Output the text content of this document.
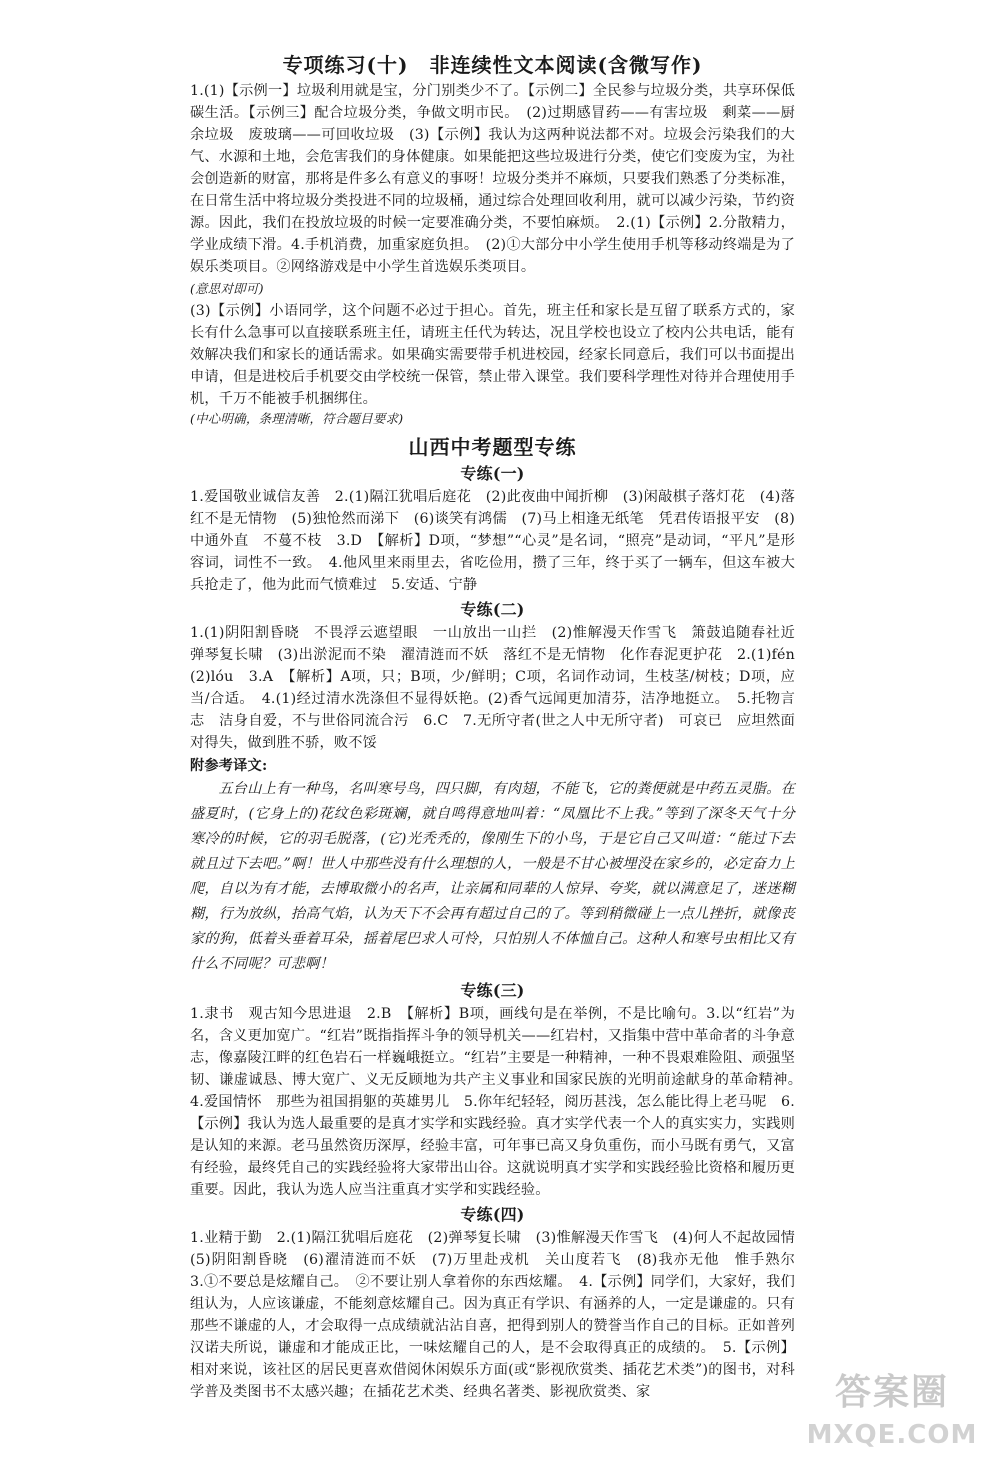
专项练习(十)　非连续性文本阅读(含微写作)

1.(1)【示例一】垃圾利用就是宝，分门别类少不了。【示例二】全民参与垃圾分类，共享环保低碳生活。【示例三】配合垃圾分类，争做文明市民。　(2)过期感冒药——有害垃圾　剩菜——厨余垃圾　废玻璃——可回收垃圾　(3)【示例】我认为这两种说法都不对。垃圾会污染我们的大气、水源和土地，会危害我们的身体健康。如果能把这些垃圾进行分类，使它们变废为宝，为社会创造新的财富，那将是件多么有意义的事呀！垃圾分类并不麻烦，只要我们熟悉了分类标准，在日常生活中将垃圾分类投进不同的垃圾桶，通过综合处理回收利用，就可以减少污染，节约资源。因此，我们在投放垃圾的时候一定要准确分类，不要怕麻烦。　2.(1)【示例】2.分散精力，学业成绩下滑。4.手机消费，加重家庭负担。　(2)①大部分中小学生使用手机等移动终端是为了娱乐类项目。②网络游戏是中小学生首选娱乐类项目。

(意思对即可)

(3)【示例】小语同学，这个问题不必过于担心。首先，班主任和家长是互留了联系方式的，家长有什么急事可以直接联系班主任，请班主任代为转达，况且学校也设立了校内公共电话，能有效解决我们和家长的通话需求。如果确实需要带手机进校园，经家长同意后，我们可以书面提出申请，但是进校后手机要交由学校统一保管，禁止带入课堂。我们要科学理性对待并合理使用手机，千万不能被手机捆绑住。

(中心明确，条理清晰，符合题目要求)

山西中考题型专练
专练(一)

1.爱国敬业诚信友善　2.(1)隔江犹唱后庭花　(2)此夜曲中闻折柳　(3)闲敲棋子落灯花　(4)落红不是无情物　(5)独怆然而涕下　(6)谈笑有鸿儒　(7)马上相逢无纸笔　凭君传语报平安　(8)中通外直　不蔓不枝　3.D　【解析】D项，“梦想”“心灵”是名词，“照亮”是动词，“平凡”是形容词，词性不一致。　4.他风里来雨里去，省吃俭用，攒了三年，终于买了一辆车，但这车被大兵抢走了，他为此而气愤难过　5.安适、宁静

专练(二)

1.(1)阴阳割昏晓　不畏浮云遮望眼　一山放出一山拦　(2)惟解漫天作雪飞　箫鼓追随春社近　弹琴复长啸　(3)出淤泥而不染　濯清涟而不妖　落红不是无情物　化作春泥更护花　2.(1)fén　(2)lóu　3.A　【解析】A项，只；B项，少/鲜明；C项，名词作动词，生枝茎/树枝；D项，应当/合适。　4.(1)经过清水洗涤但不显得妖艳。(2)香气远闻更加清芬，洁净地挺立。　5.托物言志　洁身自爱，不与世俗同流合污　6.C　7.无所守者(世之人中无所守者)　可哀已　应坦然面对得失，做到胜不骄，败不馁

附参考译文:

五台山上有一种鸟，名叫寒号鸟，四只脚，有肉翅，不能飞，它的粪便就是中药五灵脂。在盛夏时，(它身上的)花纹色彩斑斓，就自鸣得意地叫着：“凤凰比不上我。”等到了深冬天气十分寒冷的时候，它的羽毛脱落，(它)光秃秃的，像刚生下的小鸟，于是它自己又叫道：“能过下去就且过下去吧。”啊！世人中那些没有什么理想的人，一般是不甘心被埋没在家乡的，必定奋力上爬，自以为有才能，去博取微小的名声，让亲属和同辈的人惊异、夸奖，就以满意足了，迷迷糊糊，行为放纵，抬高气焰，认为天下不会再有超过自己的了。等到稍微碰上一点儿挫折，就像丧家的狗，低着头垂着耳朵，摇着尾巴求人可怜，只怕别人不体恤自己。这种人和寒号虫相比又有什么不同呢？可悲啊！

专练(三)

1.隶书　观古知今思进退　2.B　【解析】B项，画线句是在举例，不是比喻句。3.以“红岩”为名，含义更加宽广。“红岩”既指指挥斗争的领导机关——红岩村，又指集中营中革命者的斗争意志，像嘉陵江畔的红色岩石一样巍峨挺立。“红岩”主要是一种精神，一种不畏艰难险阻、顽强坚韧、谦虚诚恳、博大宽广、义无反顾地为共产主义事业和国家民族的光明前途献身的革命精神。　4.爱国情怀　那些为祖国捐躯的英雄男儿　5.你年纪轻轻，阅历甚浅，怎么能比得上老马呢　6.【示例】我认为选人最重要的是真才实学和实践经验。真才实学代表一个人的真实实力，实践则是认知的来源。老马虽然资历深厚，经验丰富，可年事已高又身负重伤，而小马既有勇气，又富有经验，最终凭自己的实践经验将大家带出山谷。这就说明真才实学和实践经验比资格和履历更重要。因此，我认为选人应当注重真才实学和实践经验。

专练(四)

1.业精于勤　2.(1)隔江犹唱后庭花　(2)弹琴复长啸　(3)惟解漫天作雪飞　(4)何人不起故园情　(5)阴阳割昏晓　(6)濯清涟而不妖　(7)万里赴戎机　关山度若飞　(8)我亦无他　惟手熟尔　3.①不要总是炫耀自己。　②不要让别人拿着你的东西炫耀。　4.【示例】同学们，大家好，我们组认为，人应该谦虚，不能刻意炫耀自己。因为真正有学识、有涵养的人，一定是谦虚的。只有那些不谦虚的人，才会取得一点成绩就沾沾自喜，把得到别人的赞誉当作自己的目标。正如普列汉诺夫所说，谦虚和才能成正比，一味炫耀自己的人，是不会取得真正的成绩的。　5.【示例】相对来说，该社区的居民更喜欢借阅休闲娱乐方面(或“影视欣赏类、插花艺术类”)的图书，对科学普及类图书不太感兴趣；在插花艺术类、经典名著类、影视欣赏类、家	答案圈
MXQE.COM
